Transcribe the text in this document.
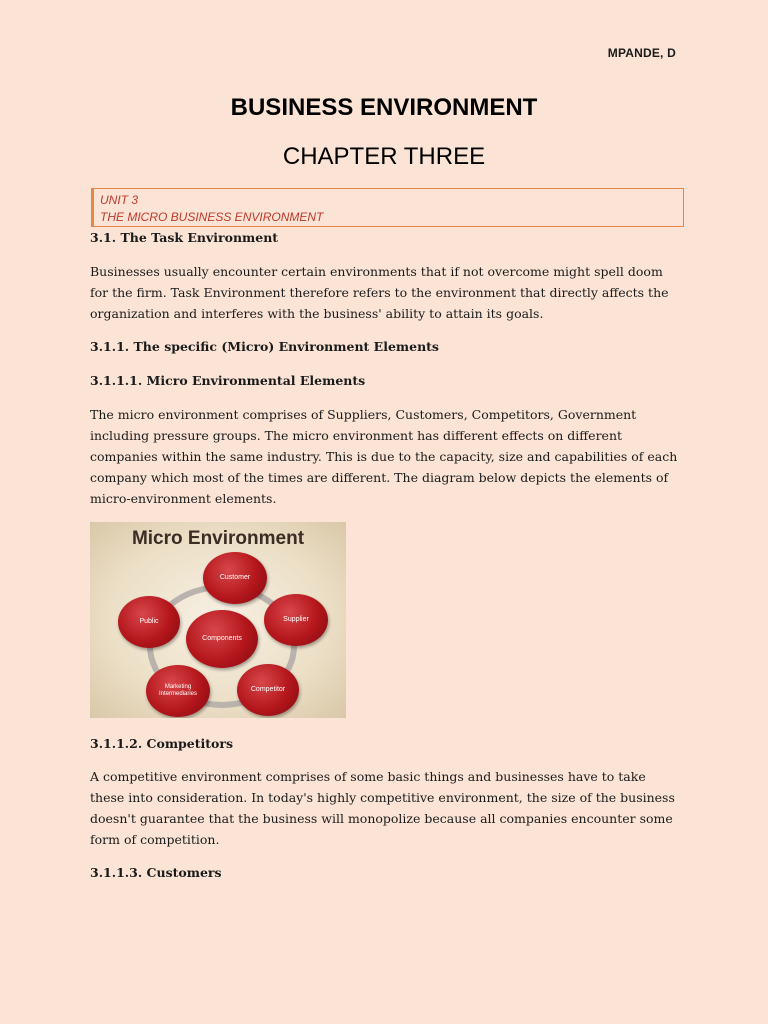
MPANDE, D
BUSINESS ENVIRONMENT
CHAPTER THREE
UNIT 3
THE MICRO BUSINESS ENVIRONMENT

3.1. The Task Environment

Businesses usually encounter certain environments that if not overcome might spell doom for the firm. Task Environment therefore refers to the environment that directly affects the organization and interferes with the business' ability to attain its goals.

3.1.1. The specific (Micro) Environment Elements

3.1.1.1. Micro Environmental Elements

The micro environment comprises of Suppliers, Customers, Competitors, Government including pressure groups. The micro environment has different effects on different companies within the same industry. This is due to the capacity, size and capabilities of each company which most of the times are different. The diagram below depicts the elements of micro-environment elements.

Micro Environment
Customer
Supplier
Competitor
Marketing Intermediaries
Public
Components

3.1.1.2. Competitors

A competitive environment comprises of some basic things and businesses have to take these into consideration. In today's highly competitive environment, the size of the business doesn't guarantee that the business will monopolize because all companies encounter some form of competition.

3.1.1.3. Customers
